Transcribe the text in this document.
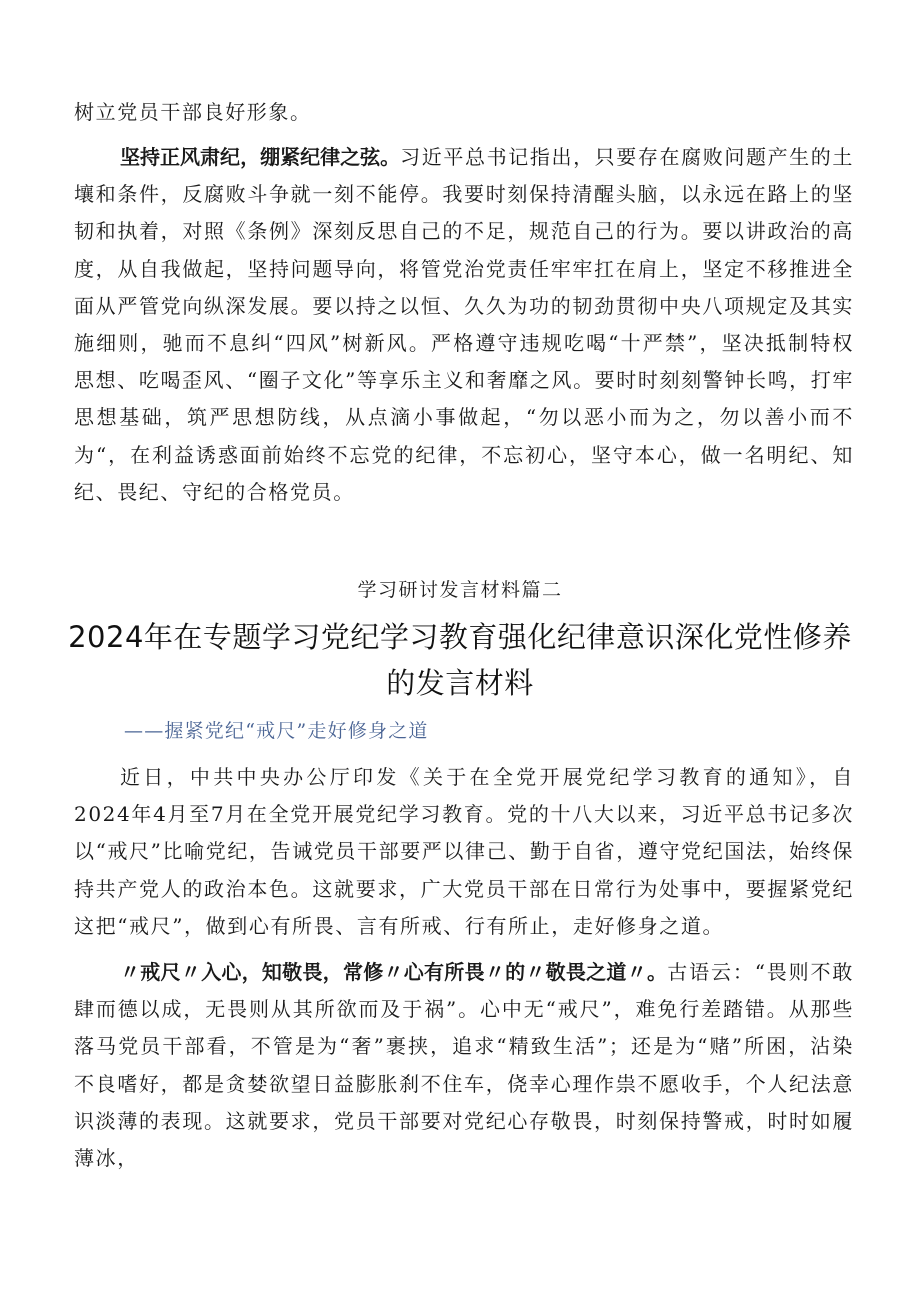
树立党员干部良好形象。

坚持正风肃纪，绷紧纪律之弦。习近平总书记指出，只要存在腐败问题产生的土壤和条件，反腐败斗争就一刻不能停。我要时刻保持清醒头脑，以永远在路上的坚韧和执着，对照《条例》深刻反思自己的不足，规范自己的行为。要以讲政治的高度，从自我做起，坚持问题导向，将管党治党责任牢牢扛在肩上，坚定不移推进全面从严管党向纵深发展。要以持之以恒、久久为功的韧劲贯彻中央八项规定及其实施细则，驰而不息纠“四风”树新风。严格遵守违规吃喝“十严禁”，坚决抵制特权思想、吃喝歪风、“圈子文化”等享乐主义和奢靡之风。要时时刻刻警钟长鸣，打牢思想基础，筑严思想防线，从点滴小事做起，“勿以恶小而为之，勿以善小而不为“，在利益诱惑面前始终不忘党的纪律，不忘初心，坚守本心，做一名明纪、知纪、畏纪、守纪的合格党员。

学习研讨发言材料篇二
2024年在专题学习党纪学习教育强化纪律意识深化党性修养的发言材料
——握紧党纪“戒尺”走好修身之道

近日，中共中央办公厅印发《关于在全党开展党纪学习教育的通知》，自2024年4月至7月在全党开展党纪学习教育。党的十八大以来，习近平总书记多次以“戒尺”比喻党纪，告诫党员干部要严以律己、勤于自省，遵守党纪国法，始终保持共产党人的政治本色。这就要求，广大党员干部在日常行为处事中，要握紧党纪这把“戒尺”，做到心有所畏、言有所戒、行有所止，走好修身之道。

〃戒尺〃入心，知敬畏，常修〃心有所畏〃的〃敬畏之道〃。古语云：“畏则不敢肆而德以成，无畏则从其所欲而及于祸”。心中无“戒尺”，难免行差踏错。从那些落马党员干部看，不管是为“奢”裹挟，追求“精致生活”；还是为“赌”所困，沾染不良嗜好，都是贪婪欲望日益膨胀刹不住车，侥幸心理作祟不愿收手，个人纪法意识淡薄的表现。这就要求，党员干部要对党纪心存敬畏，时刻保持警戒，时时如履薄冰，
